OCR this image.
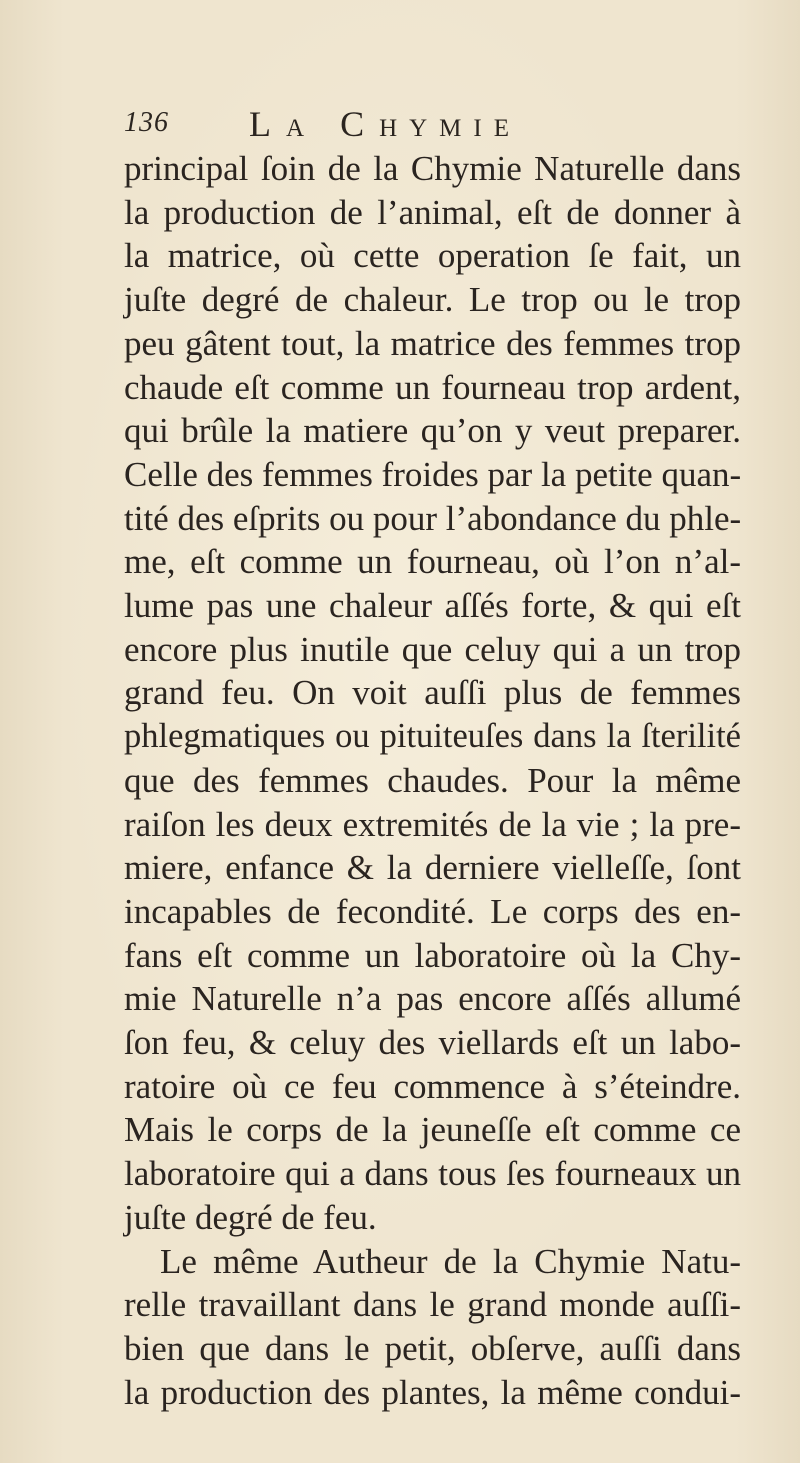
136 LA CHYMIE
principal ſoin de la Chymie Naturelle dans
la production de l’animal, eſt de donner à
la matrice, où cette operation ſe fait, un
juſte degré de chaleur. Le trop ou le trop
peu gâtent tout, la matrice des femmes trop
chaude eſt comme un fourneau trop ardent,
qui brûle la matiere qu’on y veut preparer.
Celle des femmes froides par la petite quan-
tité des eſprits ou pour l’abondance du phle-
me, eſt comme un fourneau, où l’on n’al-
lume pas une chaleur aſſés forte, & qui eſt
encore plus inutile que celuy qui a un trop
grand feu. On voit auſſi plus de femmes
phlegmatiques ou pituiteuſes dans la ſterilité
que des femmes chaudes. Pour la même
raiſon les deux extremités de la vie ; la pre-
miere, enfance & la derniere vielleſſe, ſont
incapables de fecondité. Le corps des en-
fans eſt comme un laboratoire où la Chy-
mie Naturelle n’a pas encore aſſés allumé
ſon feu, & celuy des viellards eſt un labo-
ratoire où ce feu commence à s’éteindre.
Mais le corps de la jeuneſſe eſt comme ce
laboratoire qui a dans tous ſes fourneaux un
juſte degré de feu.
Le même Autheur de la Chymie Natu-
relle travaillant dans le grand monde auſſi-
bien que dans le petit, obſerve, auſſi dans
la production des plantes, la même condui-
